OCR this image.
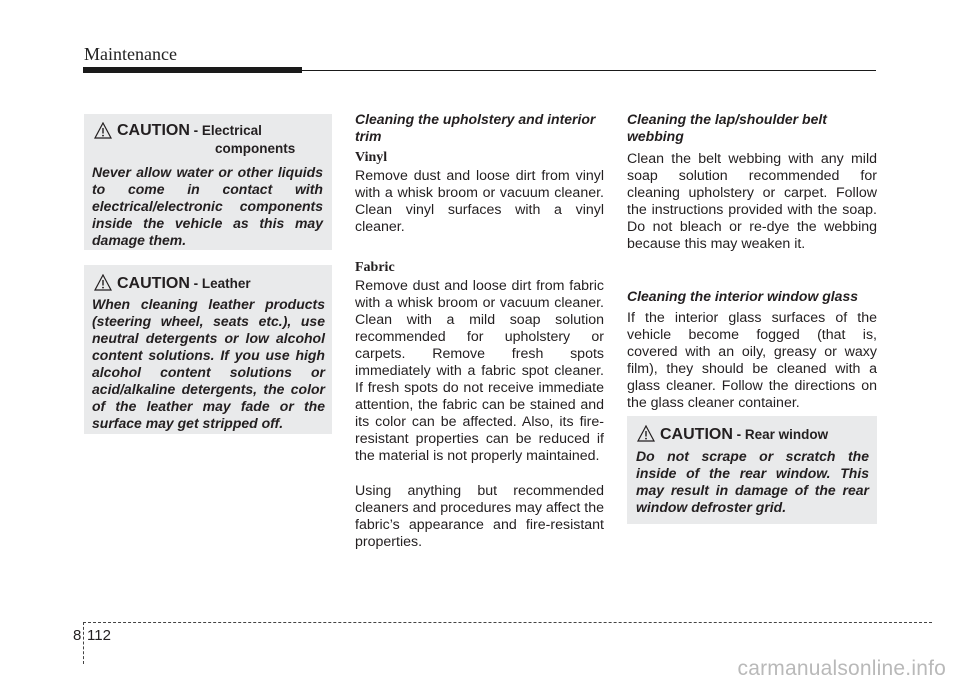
Maintenance
CAUTION - Electrical
components
Never allow water or other liquids to come in contact with electrical/electronic components inside the vehicle as this may damage them.
CAUTION - Leather
When cleaning leather products (steering wheel, seats etc.), use neutral detergents or low alcohol content solutions. If you use high alcohol content solutions or acid/alkaline detergents, the color of the leather may fade or the surface may get stripped off.
Cleaning the upholstery and interior trim
Vinyl

Remove dust and loose dirt from vinyl with a whisk broom or vacuum cleaner. Clean vinyl surfaces with a vinyl cleaner.

Fabric

Remove dust and loose dirt from fabric with a whisk broom or vacuum cleaner. Clean with a mild soap solution recommended for upholstery or carpets. Remove fresh spots immediately with a fabric spot cleaner. If fresh spots do not receive immediate attention, the fabric can be stained and its color can be affected. Also, its fire-resistant properties can be reduced if the material is not properly maintained.

Using anything but recommended cleaners and procedures may affect the fabric’s appearance and fire-resistant properties.

Cleaning the lap/shoulder belt webbing

Clean the belt webbing with any mild soap solution recommended for cleaning upholstery or carpet. Follow the instructions provided with the soap. Do not bleach or re-dye the webbing because this may weaken it.

Cleaning the interior window glass

If the interior glass surfaces of the vehicle become fogged (that is, covered with an oily, greasy or waxy film), they should be cleaned with a glass cleaner. Follow the directions on the glass cleaner container.

CAUTION - Rear window
Do not scrape or scratch the inside of the rear window. This may result in damage of the rear window defroster grid.
8 112
carmanualsonline.info
